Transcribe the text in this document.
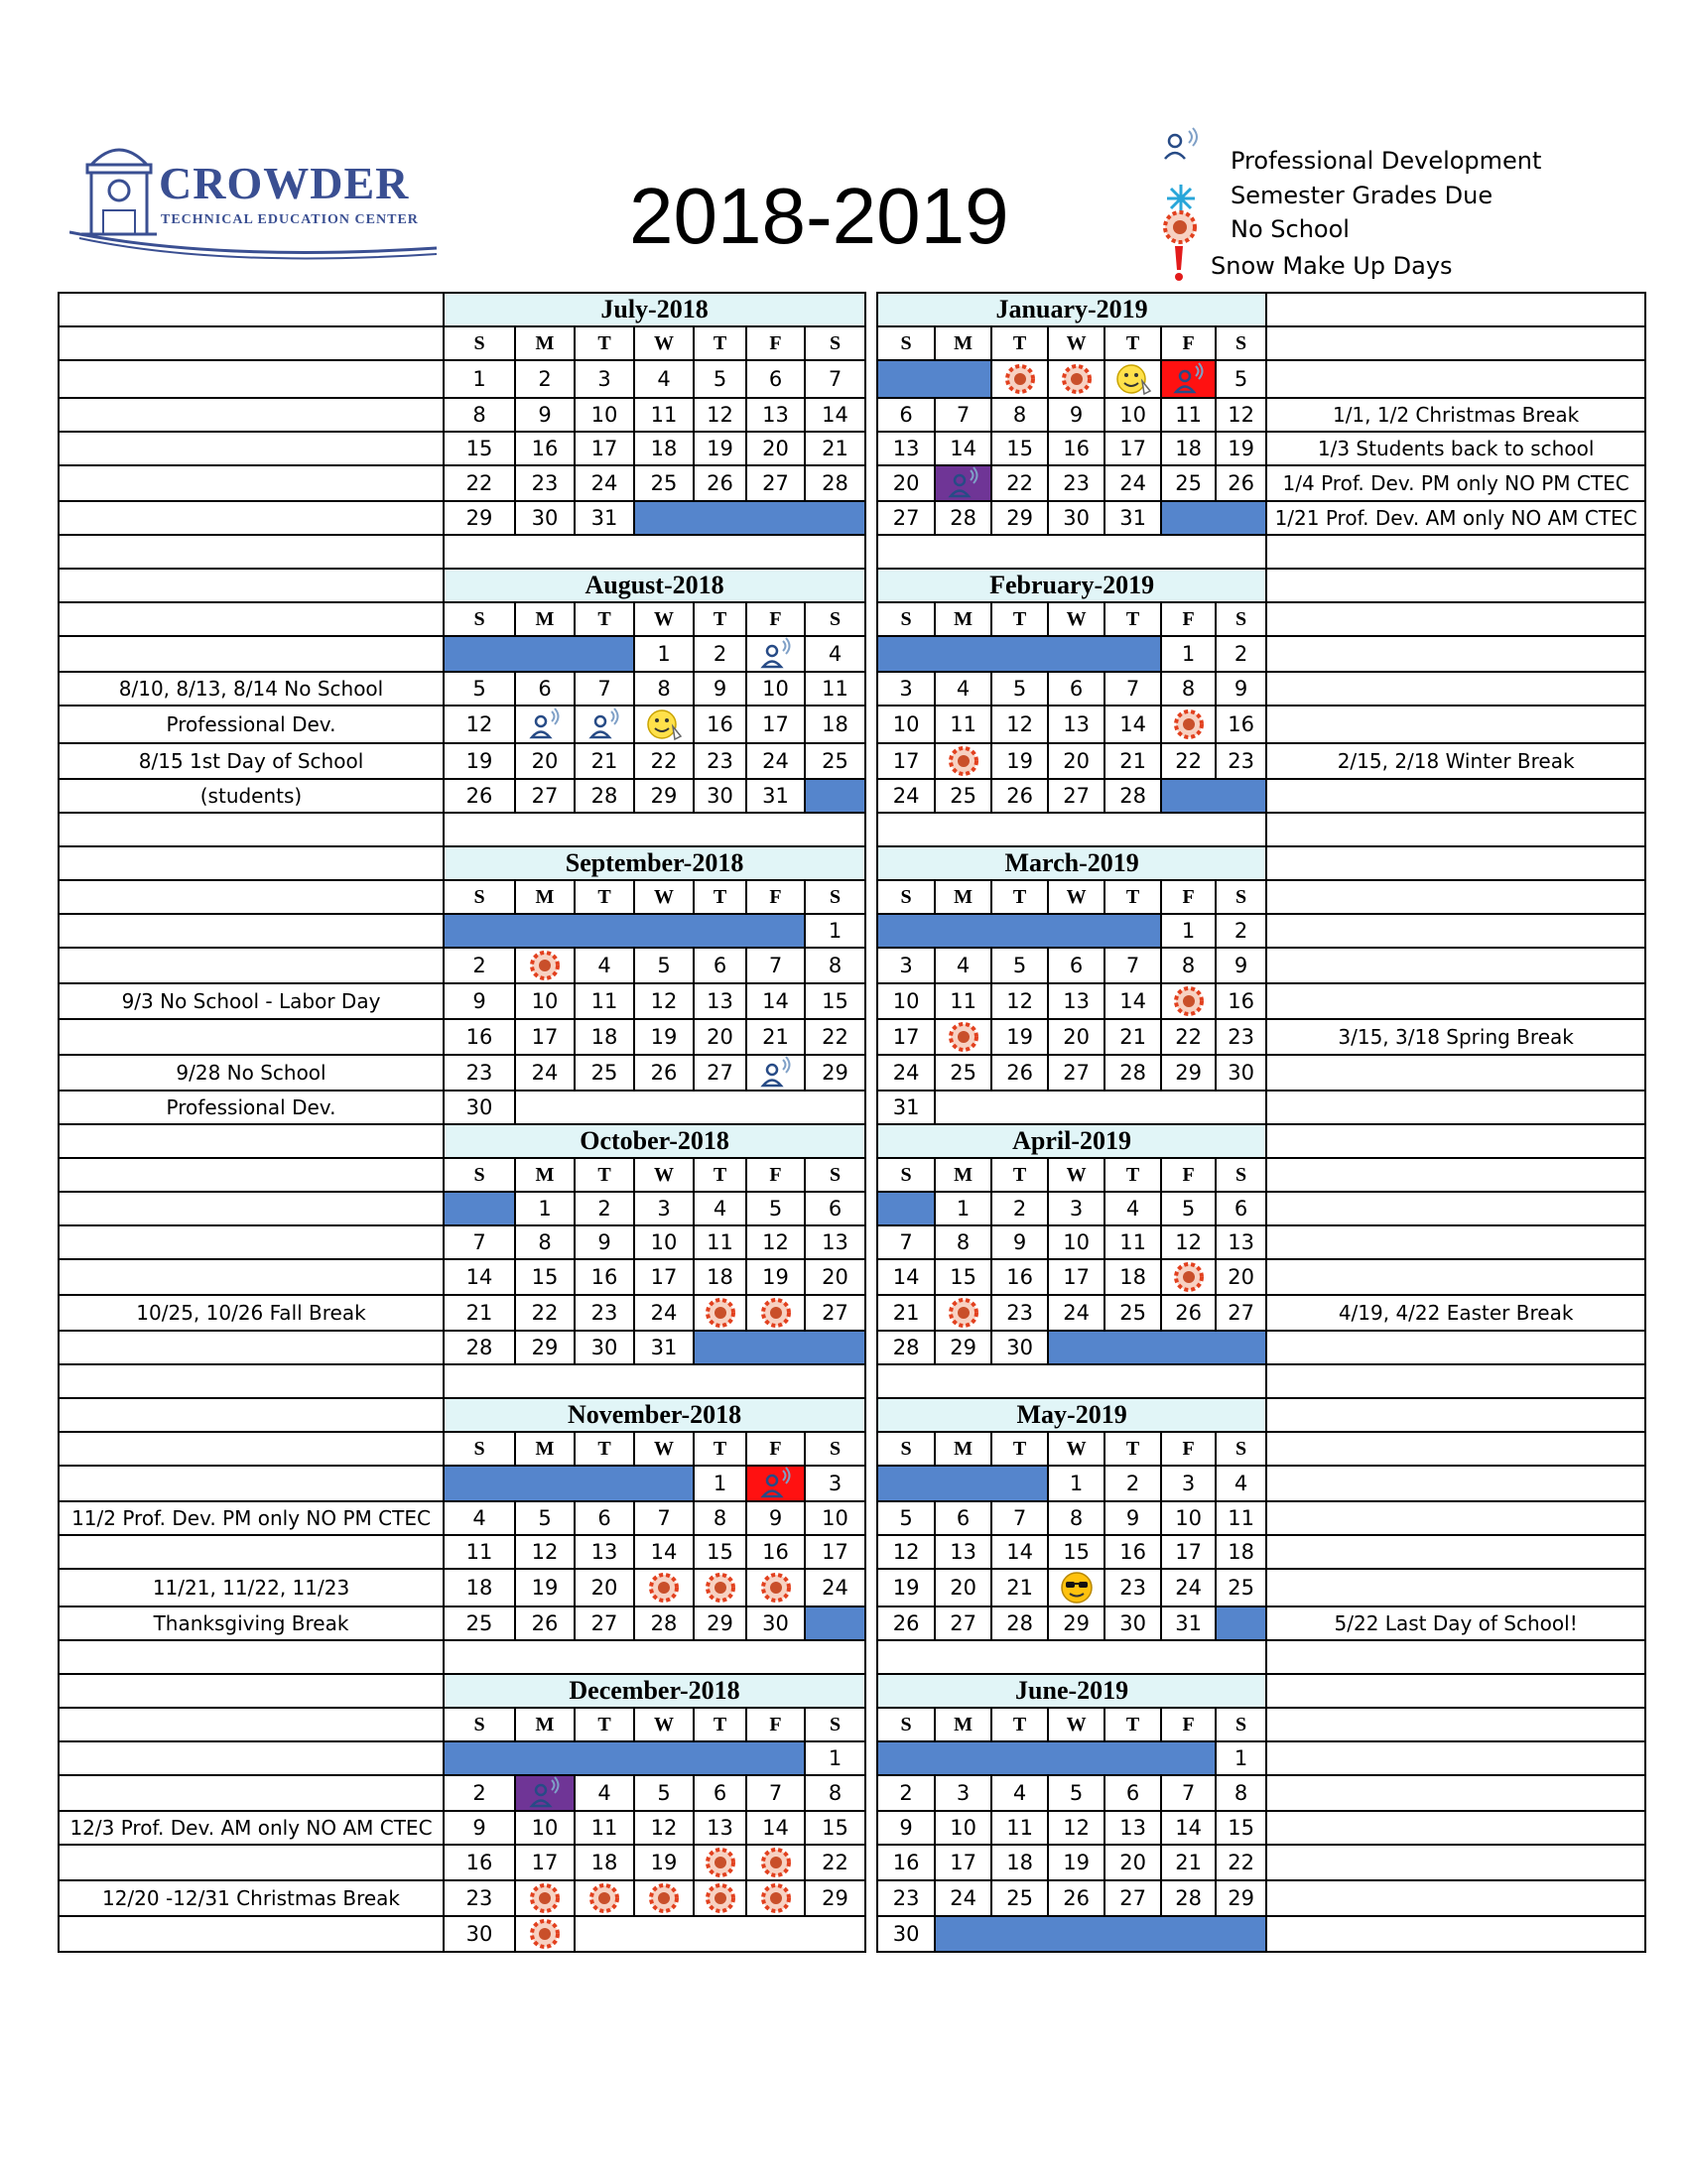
CROWDER
TECHNICAL EDUCATION CENTER	2018-2019
Professional Development
Semester Grades Due
No School
Snow Make Up Days
	July-2018								January-2019							
	S	M	T	W	T	F	S		S	M	T	W	T	F	S	
	1	2	3	4	5	6	7								5	
	8	9	10	11	12	13	14		6	7	8	9	10	11	12	1/1, 1/2 Christmas Break
	15	16	17	18	19	20	21		13	14	15	16	17	18	19	1/3 Students back to school
	22	23	24	25	26	27	28		20		22	23	24	25	26	1/4 Prof. Dev. PM only NO PM CTEC
	29	30	31						27	28	29	30	31			1/21 Prof. Dev. AM only NO AM CTEC

	August-2018								February-2019							
	S	M	T	W	T	F	S		S	M	T	W	T	F	S	
				1	2		4							1	2	
8/10, 8/13, 8/14 No School	5	6	7	8	9	10	11		3	4	5	6	7	8	9	
Professional Dev.	12				16	17	18		10	11	12	13	14		16	
8/15 1st Day of School	19	20	21	22	23	24	25		17		19	20	21	22	23	2/15, 2/18 Winter Break
(students)	26	27	28	29	30	31			24	25	26	27	28			

	September-2018								March-2019							
	S	M	T	W	T	F	S		S	M	T	W	T	F	S	
							1							1	2	
	2		4	5	6	7	8		3	4	5	6	7	8	9	
9/3 No School - Labor Day	9	10	11	12	13	14	15		10	11	12	13	14		16	
	16	17	18	19	20	21	22		17		19	20	21	22	23	3/15, 3/18 Spring Break
9/28 No School	23	24	25	26	27		29		24	25	26	27	28	29	30	
Professional Dev.	30								31							
	October-2018								April-2019							
	S	M	T	W	T	F	S		S	M	T	W	T	F	S	
		1	2	3	4	5	6			1	2	3	4	5	6	
	7	8	9	10	11	12	13		7	8	9	10	11	12	13	
	14	15	16	17	18	19	20		14	15	16	17	18		20	
10/25, 10/26 Fall Break	21	22	23	24			27		21		23	24	25	26	27	4/19, 4/22 Easter Break
	28	29	30	31					28	29	30					

	November-2018								May-2019							
	S	M	T	W	T	F	S		S	M	T	W	T	F	S	
					1		3					1	2	3	4	
11/2 Prof. Dev. PM only NO PM CTEC	4	5	6	7	8	9	10		5	6	7	8	9	10	11	
	11	12	13	14	15	16	17		12	13	14	15	16	17	18	
11/21, 11/22, 11/23	18	19	20				24		19	20	21		23	24	25	
Thanksgiving Break	25	26	27	28	29	30			26	27	28	29	30	31		5/22 Last Day of School!

	December-2018								June-2019							
	S	M	T	W	T	F	S		S	M	T	W	T	F	S	
							1								1	
	2		4	5	6	7	8		2	3	4	5	6	7	8	
12/3 Prof. Dev. AM only NO AM CTEC	9	10	11	12	13	14	15		9	10	11	12	13	14	15	
	16	17	18	19			22		16	17	18	19	20	21	22	
12/20 -12/31 Christmas Break	23						29		23	24	25	26	27	28	29	
	30								30							
